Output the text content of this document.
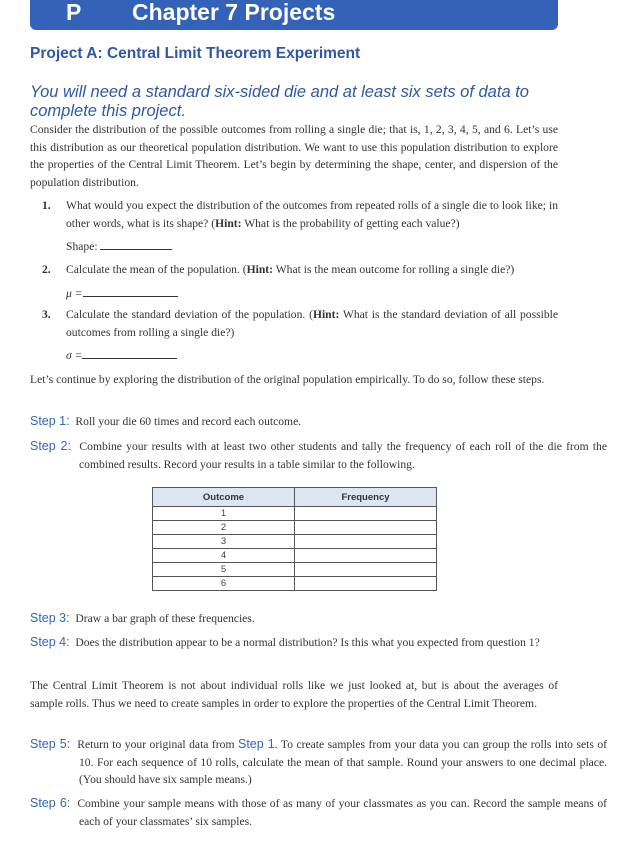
P Chapter 7 Projects
Project A: Central Limit Theorem Experiment
You will need a standard six-sided die and at least six sets of data to complete this project.
Consider the distribution of the possible outcomes from rolling a single die; that is, 1, 2, 3, 4, 5, and 6. Let’s use this distribution as our theoretical population distribution. We want to use this population distribution to explore the properties of the Central Limit Theorem. Let’s begin by determining the shape, center, and dispersion of the population distribution.
1.	What would you expect the distribution of the outcomes from repeated rolls of a single die to look like; in other words, what is its shape? (Hint: What is the probability of getting each value?)
Shape:
2.	Calculate the mean of the population. (Hint: What is the mean outcome for rolling a single die?)
μ =
3.	Calculate the standard deviation of the population. (Hint: What is the standard deviation of all possible outcomes from rolling a single die?)
σ =
Let’s continue by exploring the distribution of the original population empirically. To do so, follow these steps.
Step 1: Roll your die 60 times and record each outcome.
Step 2: Combine your results with at least two other students and tally the frequency of each roll of the die from the combined results. Record your results in a table similar to the following.
Outcome	Frequency
1	
2	
3	
4	
5	
6	
Step 3: Draw a bar graph of these frequencies.
Step 4: Does the distribution appear to be a normal distribution? Is this what you expected from question 1?
The Central Limit Theorem is not about individual rolls like we just looked at, but is about the averages of sample rolls. Thus we need to create samples in order to explore the properties of the Central Limit Theorem.
Step 5: Return to your original data from Step 1. To create samples from your data you can group the rolls into sets of 10. For each sequence of 10 rolls, calculate the mean of that sample. Round your answers to one decimal place. (You should have six sample means.)
Step 6: Combine your sample means with those of as many of your classmates as you can. Record the sample means of each of your classmates’ six samples.
